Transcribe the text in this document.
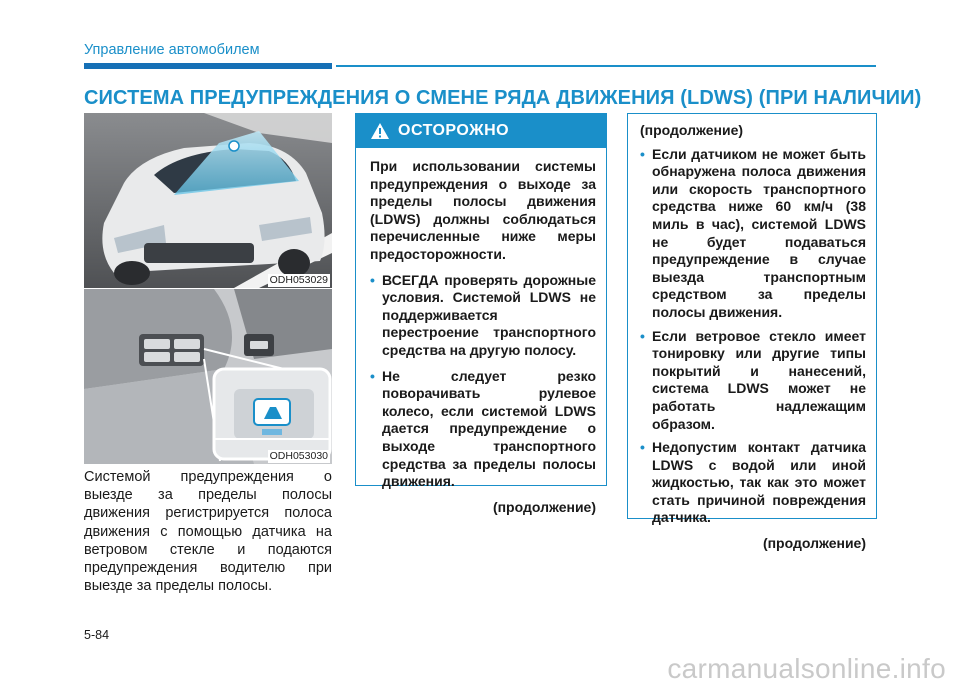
Управление автомобилем
СИСТЕМА ПРЕДУПРЕЖДЕНИЯ О СМЕНЕ РЯДА ДВИЖЕНИЯ (LDWS) (ПРИ НАЛИЧИИ)
ODH053029
ODH053030

Системой предупреждения о выезде за пределы полосы движения регистрируется полоса движения с помощью датчика на ветровом стекле и подаются предупреждения водителю при выезде за пределы полосы.

ОСТОРОЖНО

При использовании системы предупреждения о выходе за пределы полосы движения (LDWS) должны соблюдаться перечисленные ниже меры предосторожности.

• ВСЕГДА проверять дорожные условия. Системой LDWS не поддерживается перестроение транспортного средства на другую полосу.
• Не следует резко поворачивать рулевое колесо, если системой LDWS дается предупреждение о выходе транспортного средства за пределы полосы движения.
(продолжение)
(продолжение)
• Если датчиком не может быть обнаружена полоса движения или скорость транспортного средства ниже 60 км/ч (38 миль в час), системой LDWS не будет подаваться предупреждение в случае выезда транспортным средством за пределы полосы движения.
• Если ветровое стекло имеет тонировку или другие типы покрытий и нанесений, система LDWS может не работать надлежащим образом.
• Недопустим контакт датчика LDWS с водой или иной жидкостью, так как это может стать причиной повреждения датчика.
(продолжение)
5-84
carmanualsonline.info
